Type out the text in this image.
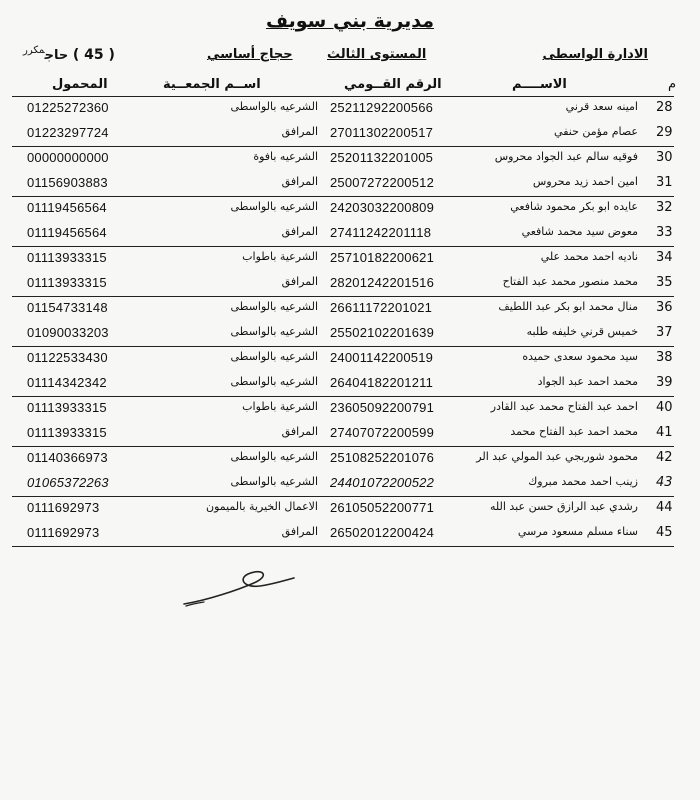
مديرية بني سويف
الادارة الواسطى
المستوى الثالث
حجاج أساسي
( 45 ) حاج$^{مكرر}$
م
الاســــم
الرقم القــومي
اســم الجمعــية
المحمول
28
امينه سعد قرني
25211292200566
الشرعيه بالواسطى
01225272360
29
عصام مؤمن حنفي
27011302200517
المرافق
01223297724
30
فوقيه سالم عبد الجواد محروس
25201132201005
الشرعيه بافوة
00000000000
31
امين احمد زيد محروس
25007272200512
المرافق
01156903883
32
عايده ابو بكر محمود شافعي
24203032200809
الشرعيه بالواسطى
01119456564
33
معوض سيد محمد شافعي
27411242201118
المرافق
01119456564
34
ناديه احمد محمد علي
25710182200621
الشرعية باطواب
01113933315
35
محمد منصور محمد عبد الفتاح
28201242201516
المرافق
01113933315
36
منال محمد ابو بكر عبد اللطيف
26611172201021
الشرعيه بالواسطى
01154733148
37
خميس قرني خليفه طلبه
25502102201639
الشرعيه بالواسطى
01090033203
38
سيد محمود سعدى حميده
24001142200519
الشرعيه بالواسطى
01122533430
39
محمد احمد عبد الجواد
26404182201211
الشرعيه بالواسطى
01114342342
40
احمد عبد الفتاح محمد عبد القادر
23605092200791
الشرعية باطواب
01113933315
41
محمد احمد عبد الفتاح محمد
27407072200599
المرافق
01113933315
42
محمود شوربجي عبد المولي عبد الر
25108252201076
الشرعيه بالواسطى
01140366973
43
زينب احمد محمد مبروك
24401072200522
الشرعيه بالواسطى
01065372263
44
رشدي عبد الرازق حسن عبد الله
26105052200771
الاعمال الخيرية بالميمون
0111692973
45
سناء مسلم مسعود مرسي
26502012200424
المرافق
0111692973
